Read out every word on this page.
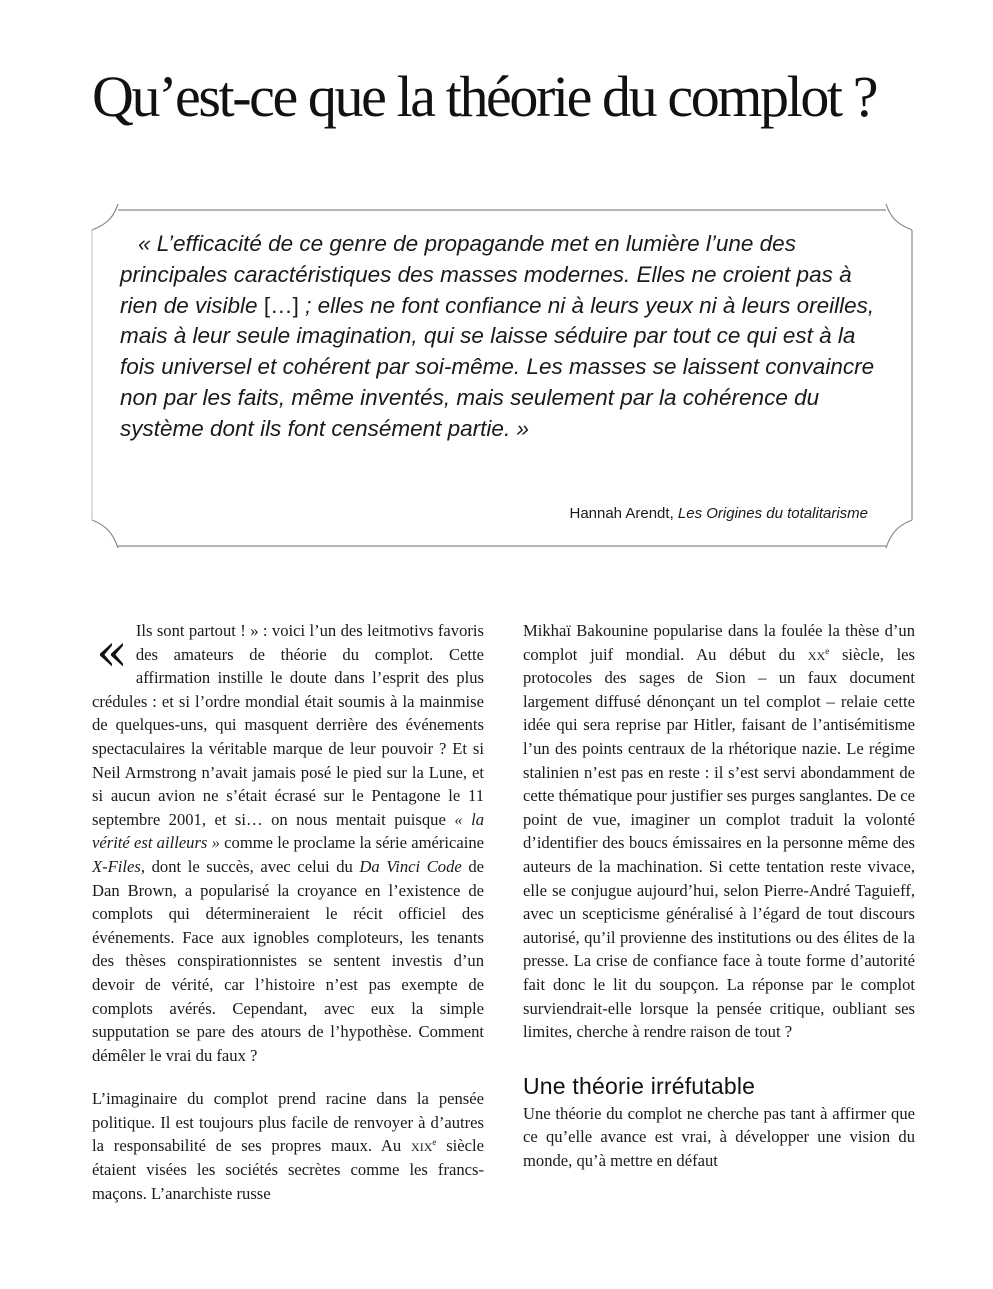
Qu’est-ce que la théorie du complot ?

« L’efficacité de ce genre de propagande met en lumière l’une des principales caractéristiques des masses modernes. Elles ne croient pas à rien de visible […] ; elles ne font confiance ni à leurs yeux ni à leurs oreilles, mais à leur seule imagination, qui se laisse séduire par tout ce qui est à la fois universel et cohérent par soi-même. Les masses se laissent convaincre non par les faits, même inventés, mais seulement par la cohérence du système dont ils font censément partie. »

Hannah Arendt, Les Origines du totalitarisme

« Ils sont partout ! » : voici l’un des leitmotivs favoris des amateurs de théorie du complot. Cette affirmation instille le doute dans l’esprit des plus crédules : et si l’ordre mondial était soumis à la mainmise de quelques-uns, qui masquent derrière des événements spectaculaires la véritable marque de leur pouvoir ? Et si Neil Armstrong n’avait jamais posé le pied sur la Lune, et si aucun avion ne s’était écrasé sur le Pentagone le 11 septembre 2001, et si… on nous mentait puisque « la vérité est ailleurs » comme le proclame la série américaine X-Files, dont le succès, avec celui du Da Vinci Code de Dan Brown, a popularisé la croyance en l’existence de complots qui détermineraient le récit officiel des événements. Face aux ignobles comploteurs, les tenants des thèses conspirationnistes se sentent investis d’un devoir de vérité, car l’histoire n’est pas exempte de complots avérés. Cependant, avec eux la simple supputation se pare des atours de l’hypothèse. Comment démêler le vrai du faux ?

L’imaginaire du complot prend racine dans la pensée politique. Il est toujours plus facile de renvoyer à d’autres la responsabilité de ses propres maux. Au xix$^e$ siècle étaient visées les sociétés secrètes comme les francs-maçons. L’anarchiste russe

Mikhaï Bakounine popularise dans la foulée la thèse d’un complot juif mondial. Au début du $xx^e$ siècle, les protocoles des sages de Sion – un faux document largement diffusé dénonçant un tel complot – relaie cette idée qui sera reprise par Hitler, faisant de l’antisémitisme l’un des points centraux de la rhétorique nazie. Le régime stalinien n’est pas en reste : il s’est servi abondamment de cette thématique pour justifier ses purges sanglantes. De ce point de vue, imaginer un complot traduit la volonté d’identifier des boucs émissaires en la personne même des auteurs de la machination. Si cette tentation reste vivace, elle se conjugue aujourd’hui, selon Pierre-André Taguieff, avec un scepticisme généralisé à l’égard de tout discours autorisé, qu’il provienne des institutions ou des élites de la presse. La crise de confiance face à toute forme d’autorité fait donc le lit du soupçon. La réponse par le complot surviendrait-elle lorsque la pensée critique, oubliant ses limites, cherche à rendre raison de tout ?

Une théorie irréfutable

Une théorie du complot ne cherche pas tant à affirmer que ce qu’elle avance est vrai, à développer une vision du monde, qu’à mettre en défaut
